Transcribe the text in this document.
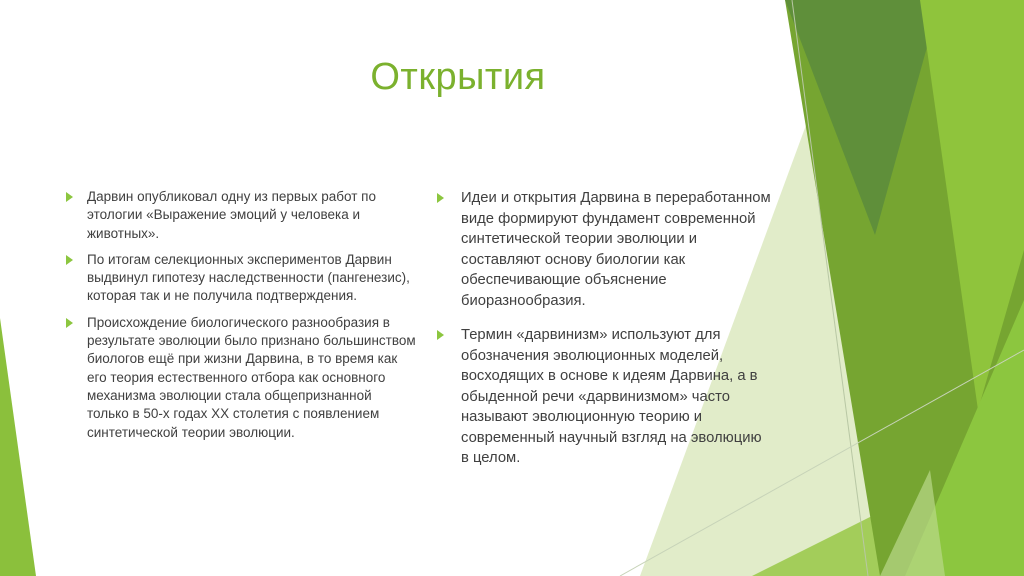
Открытия
Дарвин опубликовал одну из первых работ по этологии «Выражение эмоций у человека и животных».
По итогам селекционных экспериментов Дарвин выдвинул гипотезу наследственности (пангенезис), которая так и не получила подтверждения.
Происхождение биологического разнообразия в результате эволюции было признано большинством биологов ещё при жизни Дарвина, в то время как его теория естественного отбора как основного механизма эволюции стала общепризнанной только в 50-х годах XX столетия с появлением синтетической теории эволюции.
Идеи и открытия Дарвина в переработанном виде формируют фундамент современной синтетической теории эволюции и составляют основу биологии как обеспечивающие объяснение биоразнообразия.
Термин «дарвинизм» используют для обозначения эволюционных моделей, восходящих в основе к идеям Дарвина, а в обыденной речи «дарвинизмом» часто называют эволюционную теорию и современный научный взгляд на эволюцию в целом.
